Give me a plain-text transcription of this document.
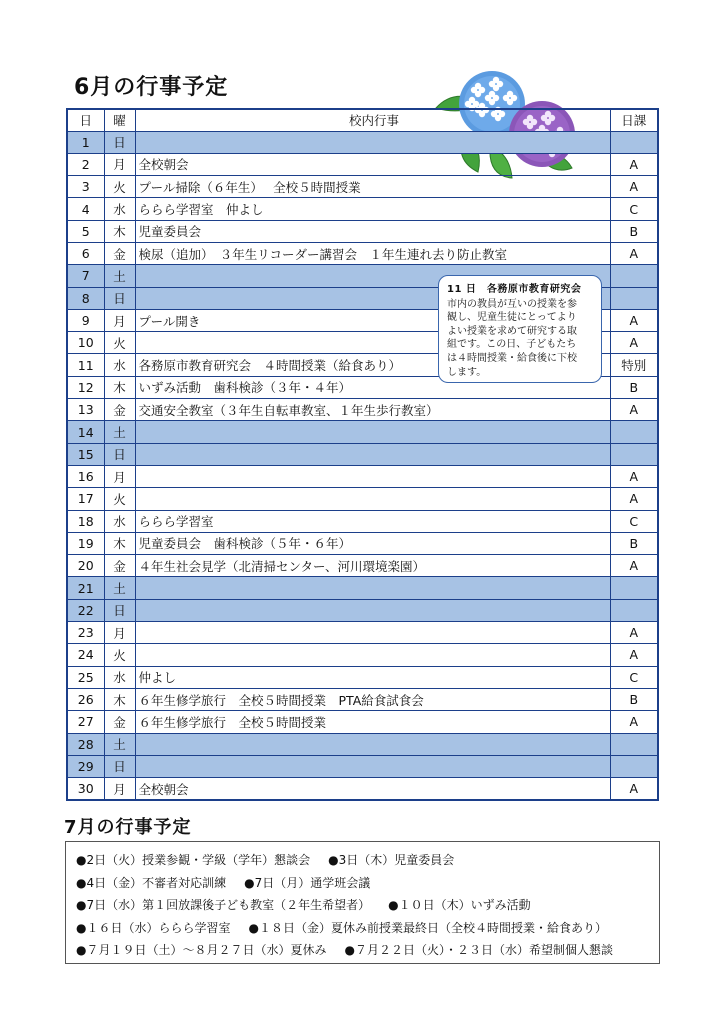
6月の行事予定
日	曜	校内行事	日課
1	日		
2	月	全校朝会	A
3	火	プール掃除（６年生）　 全校５時間授業	A
4	水	ららら学習室　仲よし	C
5	木	児童委員会	B
6	金	検尿（追加）　３年生リコーダー講習会　１年生連れ去り防止教室	A
7	土		
8	日		
9	月	プール開き	A
10	火		A
11	水	各務原市教育研究会　４時間授業（給食あり）	特別
12	木	いずみ活動　歯科検診（３年・４年）	B
13	金	交通安全教室（３年生自転車教室、１年生歩行教室）	A
14	土		
15	日		
16	月		A
17	火		A
18	水	ららら学習室	C
19	木	児童委員会　歯科検診（５年・６年）	B
20	金	４年生社会見学（北清掃センター、河川環境楽園）	A
21	土		
22	日		
23	月		A
24	火		A
25	水	仲よし	C
26	木	６年生修学旅行　全校５時間授業　PTA給食試食会	B
27	金	６年生修学旅行　全校５時間授業	A
28	土		
29	日		
30	月	全校朝会	A
11 日　各務原市教育研究会
市内の教員が互いの授業を参
観し、児童生徒にとってより
よい授業を求めて研究する取
組です。この日、子どもたち
は４時間授業・給食後に下校
します。
7月の行事予定
●2日（火）授業参観・学級（学年）懇談会 ●3日（木）児童委員会
●4日（金）不審者対応訓練 ●7日（月）通学班会議
●7日（水）第１回放課後子ども教室（２年生希望者） ●１０日（木）いずみ活動
●１６日（水）ららら学習室 ●１８日（金）夏休み前授業最終日（全校４時間授業・給食あり）
●７月１９日（土）～８月２７日（水）夏休み ●７月２２日（火）・２３日（水）希望制個人懇談
